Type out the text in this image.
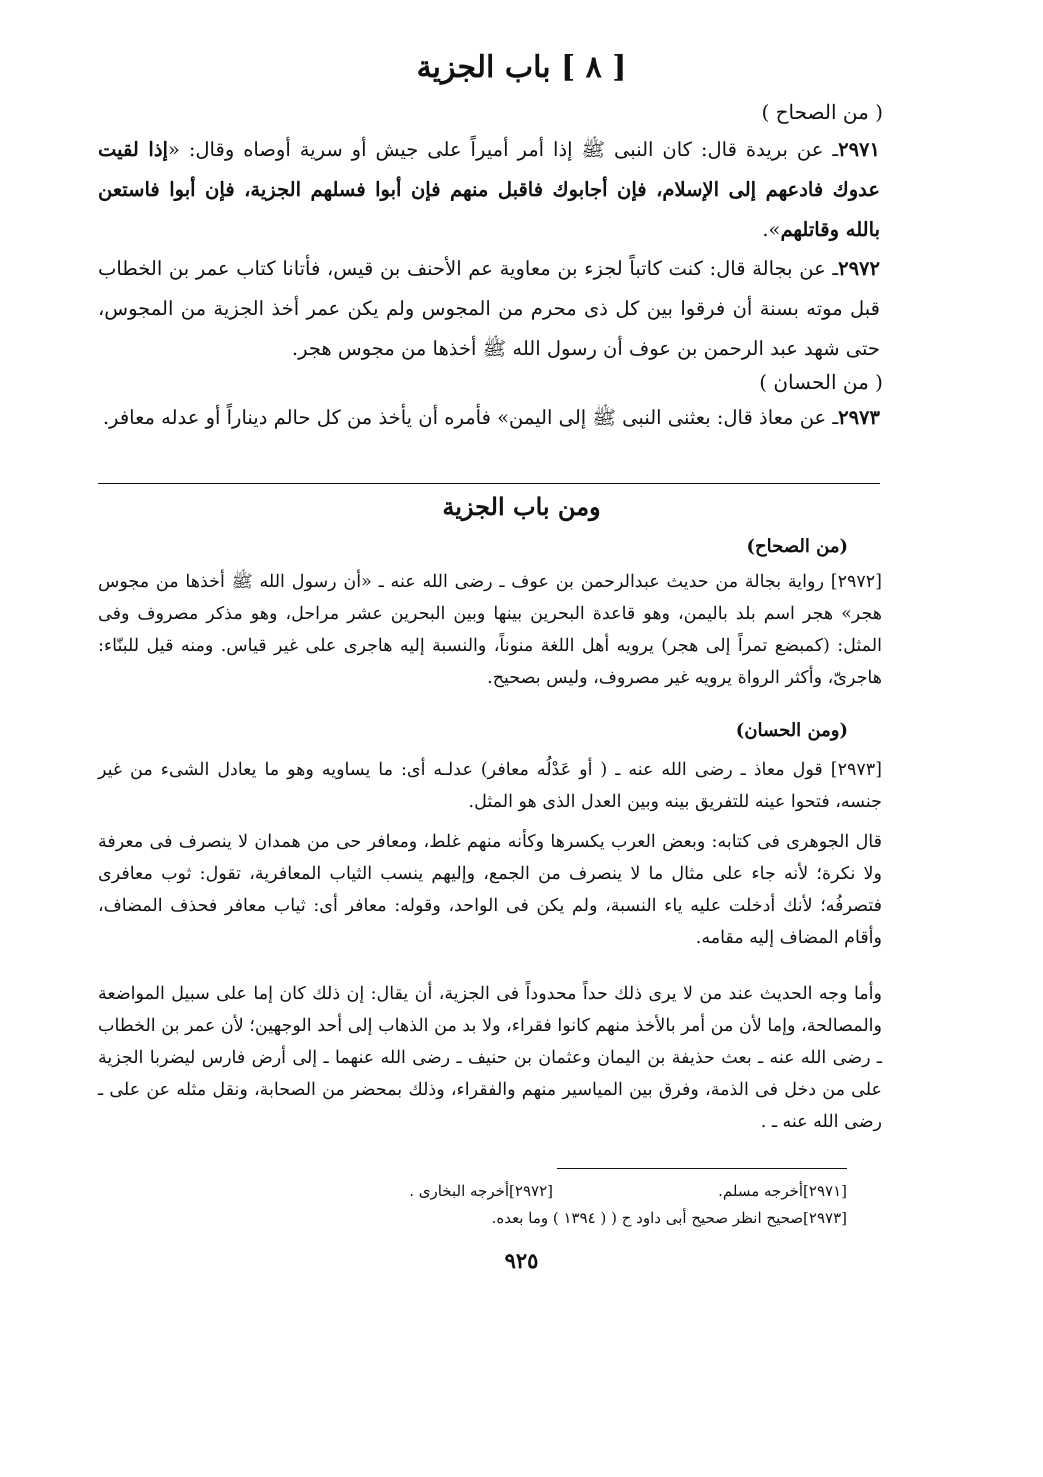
[ ٨ ] باب الجزية
( من الصحاح )
٢٩٧١ـ عن بريدة قال: كان النبى ﷺ إذا أمر أميراً على جيش أو سرية أوصاه وقال: «إذا لقيت عدوك فادعهم إلى الإسلام، فإن أجابوك فاقبل منهم فإن أبوا فسلهم الجزية، فإن أبوا فاستعن بالله وقاتلهم».
٢٩٧٢ـ عن بجالة قال: كنت كاتباً لجزء بن معاوية عم الأحنف بن قيس، فأتانا كتاب عمر بن الخطاب قبل موته بسنة أن فرقوا بين كل ذى محرم من المجوس ولم يكن عمر أخذ الجزية من المجوس، حتى شهد عبد الرحمن بن عوف أن رسول الله ﷺ أخذها من مجوس هجر.
( من الحسان )
٢٩٧٣ـ عن معاذ قال: بعثنى النبى ﷺ إلى اليمن» فأمره أن يأخذ من كل حالم ديناراً أو عدله معافر.
ومن باب الجزية
(من الصحاح)
[٢٩٧٢] رواية بجالة من حديث عبدالرحمن بن عوف ـ رضى الله عنه ـ «أن رسول الله ﷺ أخذها من مجوس هجر» هجر اسم بلد باليمن، وهو قاعدة البحرين بينها وبين البحرين عشر مراحل، وهو مذكر مصروف وفى المثل: (كمبضع تمراً إلى هجر) يرويه أهل اللغة منوناً، والنسبة إليه هاجرى على غير قياس. ومنه قيل للبنّاء: هاجرىّ، وأكثر الرواة يرويه غير مصروف، وليس بصحيح.
(ومن الحسان)
[٢٩٧٣] قول معاذ ـ رضى الله عنه ـ ( أو عَدْلُه معافر) عدلـه أى: ما يساويه وهو ما يعادل الشىء من غير جنسه، فتحوا عينه للتفريق بينه وبين العدل الذى هو المثل.
قال الجوهرى فى كتابه: وبعض العرب يكسرها وكأنه منهم غلط، ومعافر حى من همدان لا ينصرف فى معرفة ولا نكرة؛ لأنه جاء على مثال ما لا ينصرف من الجمع، وإليهم ينسب الثياب المعافرية، تقول: ثوب معافرى فتصرفُه؛ لأنك أدخلت عليه ياء النسبة، ولم يكن فى الواحد، وقوله: معافر أى: ثياب معافر فحذف المضاف، وأقام المضاف إليه مقامه.
وأما وجه الحديث عند من لا يرى ذلك حداً محدوداً فى الجزية، أن يقال: إن ذلك كان إما على سبيل المواضعة والمصالحة، وإما لأن من أمر بالأخذ منهم كانوا فقراء، ولا بد من الذهاب إلى أحد الوجهين؛ لأن عمر بن الخطاب ـ رضى الله عنه ـ بعث حذيفة بن اليمان وعثمان بن حنيف ـ رضى الله عنهما ـ إلى أرض فارس ليضربا الجزية على من دخل فى الذمة، وفرق بين المياسير منهم والفقراء، وذلك بمحضر من الصحابة، ونقل مثله عن على ـ رضى الله عنه ـ .
[٢٩٧١]أخرجه مسلم.
[٢٩٧٢]أخرجه البخارى .
[٢٩٧٣]صحيح انظر صحيح أبى داود ح ( ( ١٣٩٤ ) وما بعده.
٩٢٥
